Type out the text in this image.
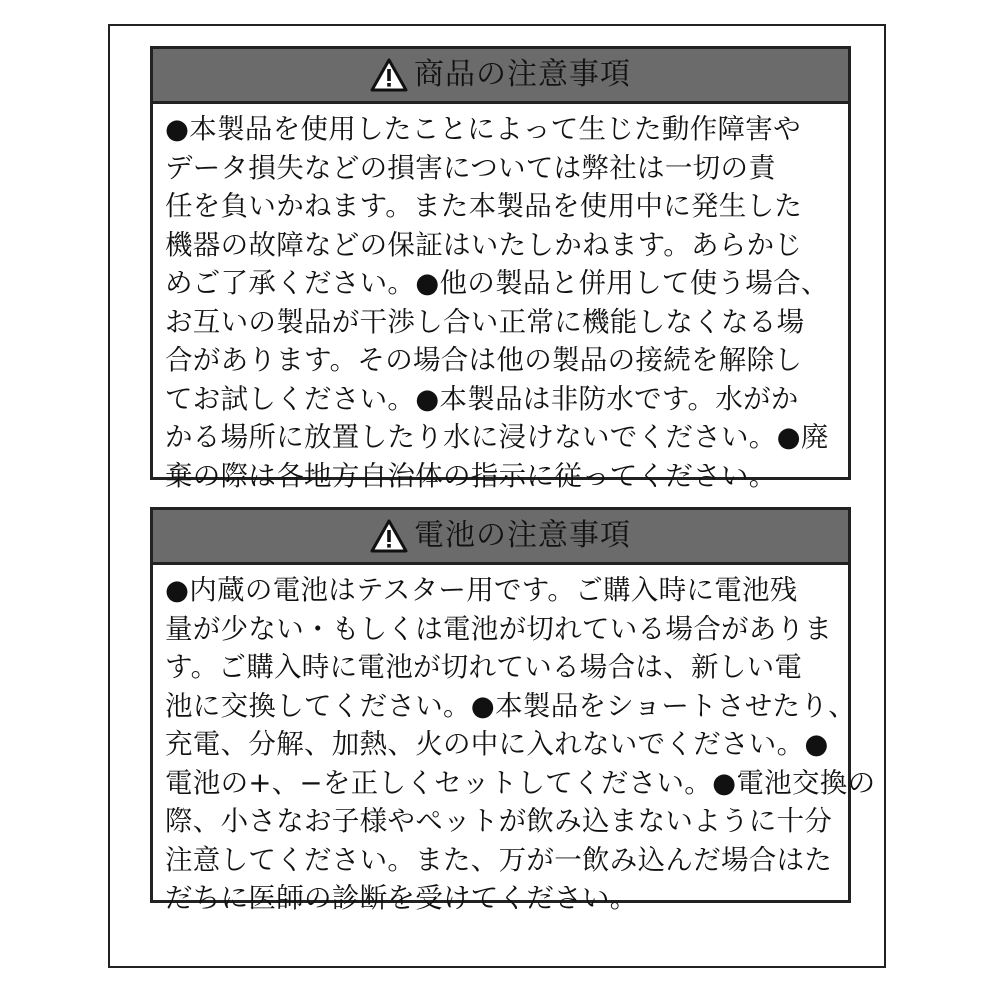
商品の注意事項
●本製品を使用したことによって生じた動作障害や
データ損失などの損害については弊社は一切の責
任を負いかねます。また本製品を使用中に発生した
機器の故障などの保証はいたしかねます。あらかじ
めご了承ください。●他の製品と併用して使う場合、
お互いの製品が干渉し合い正常に機能しなくなる場
合があります。その場合は他の製品の接続を解除し
てお試しください。●本製品は非防水です。水がか
かる場所に放置したり水に浸けないでください。●廃
棄の際は各地方自治体の指示に従ってください。
電池の注意事項
●内蔵の電池はテスター用です。ご購入時に電池残
量が少ない・もしくは電池が切れている場合がありま
す。ご購入時に電池が切れている場合は、新しい電
池に交換してください。●本製品をショートさせたり、
充電、分解、加熱、火の中に入れないでください。●
電池の+、−を正しくセットしてください。●電池交換の
際、小さなお子様やペットが飲み込まないように十分
注意してください。また、万が一飲み込んだ場合はた
だちに医師の診断を受けてください。
